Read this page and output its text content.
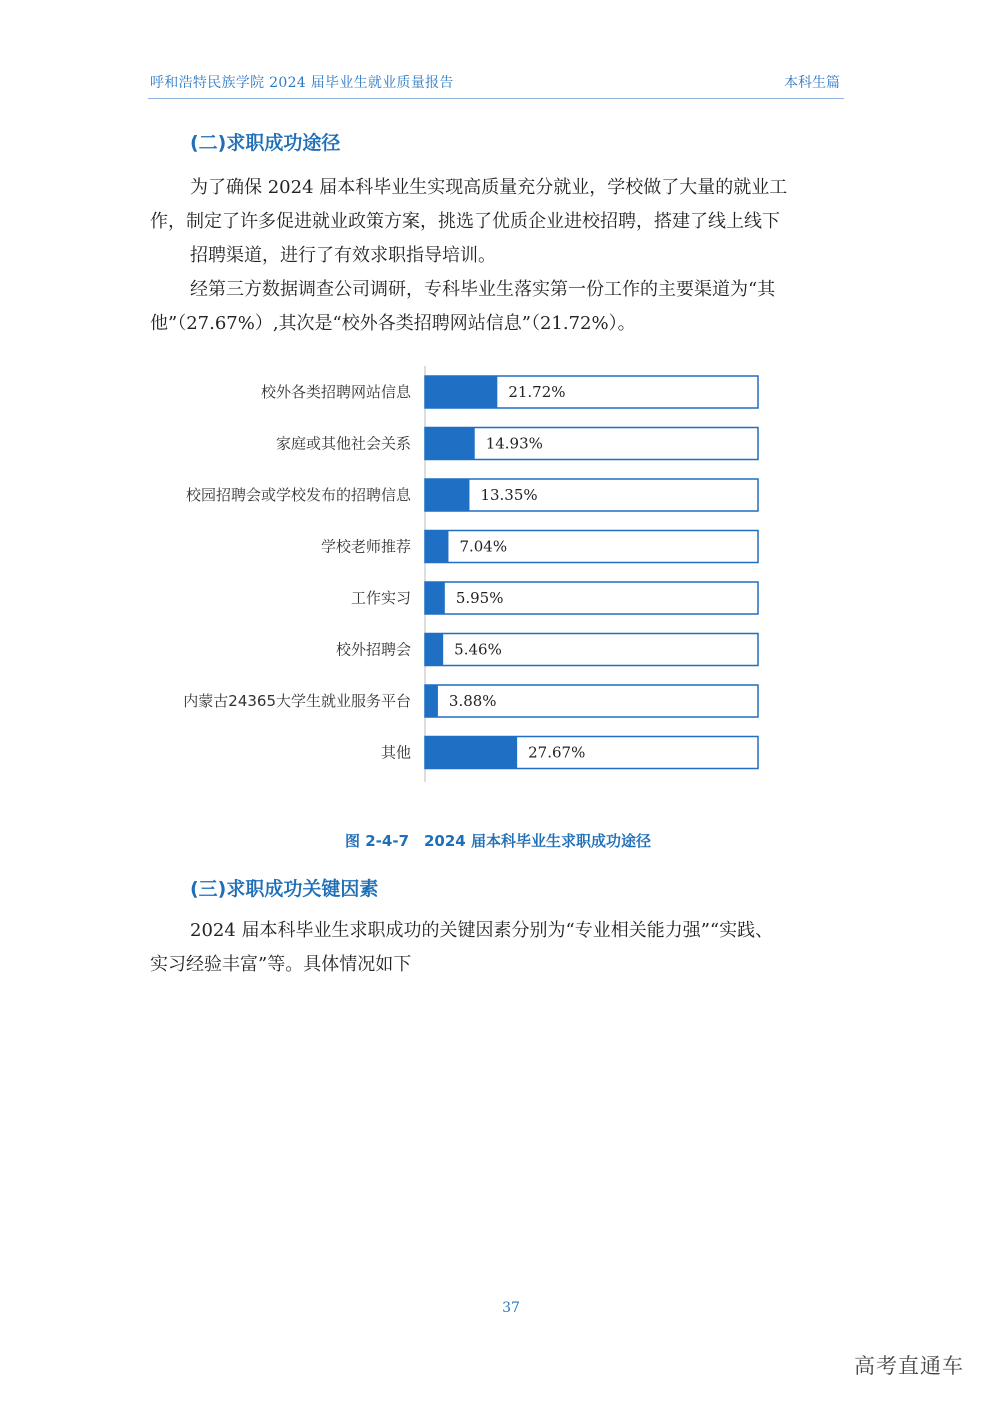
呼和浩特民族学院 2024 届毕业生就业质量报告	本科生篇
(二)求职成功途径
为了确保 2024 届本科毕业生实现高质量充分就业，学校做了大量的就业工
作，制定了许多促进就业政策方案，挑选了优质企业进校招聘，搭建了线上线下
招聘渠道，进行了有效求职指导培训。
经第三方数据调查公司调研，专科毕业生落实第一份工作的主要渠道为“其
他”（27.67%）,其次是“校外各类招聘网站信息”（21.72%）。
校外各类招聘网站信息	21.72%
家庭或其他社会关系	14.93%
校园招聘会或学校发布的招聘信息	13.35%
学校老师推荐	7.04%
工作实习	5.95%
校外招聘会	5.46%
内蒙古24365大学生就业服务平台	3.88%
其他	27.67%
图 2-4-7　2024 届本科毕业生求职成功途径
(三)求职成功关键因素
2024 届本科毕业生求职成功的关键因素分别为“专业相关能力强”“实践、
实习经验丰富”等。具体情况如下
37
高考直通车
